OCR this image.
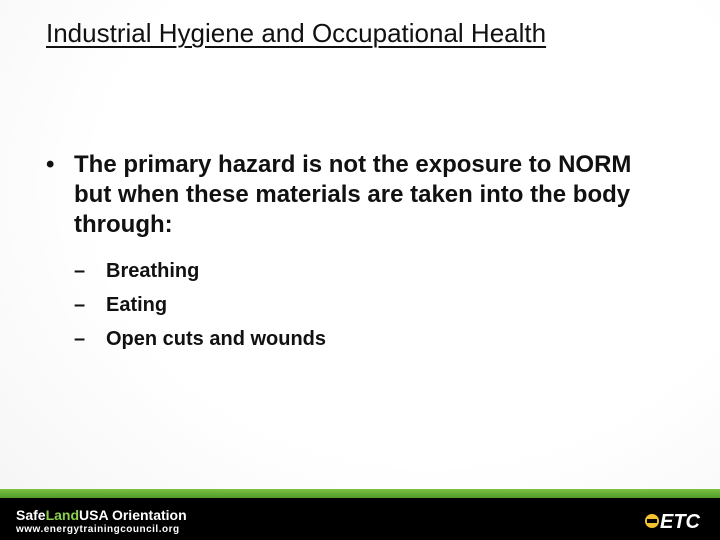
Industrial Hygiene and Occupational Health
• The primary hazard is not the exposure to NORM but when these materials are taken into the body through:
– Breathing
– Eating
– Open cuts and wounds
SafeLandUSA Orientation
www.energytrainingcouncil.org	ETC
